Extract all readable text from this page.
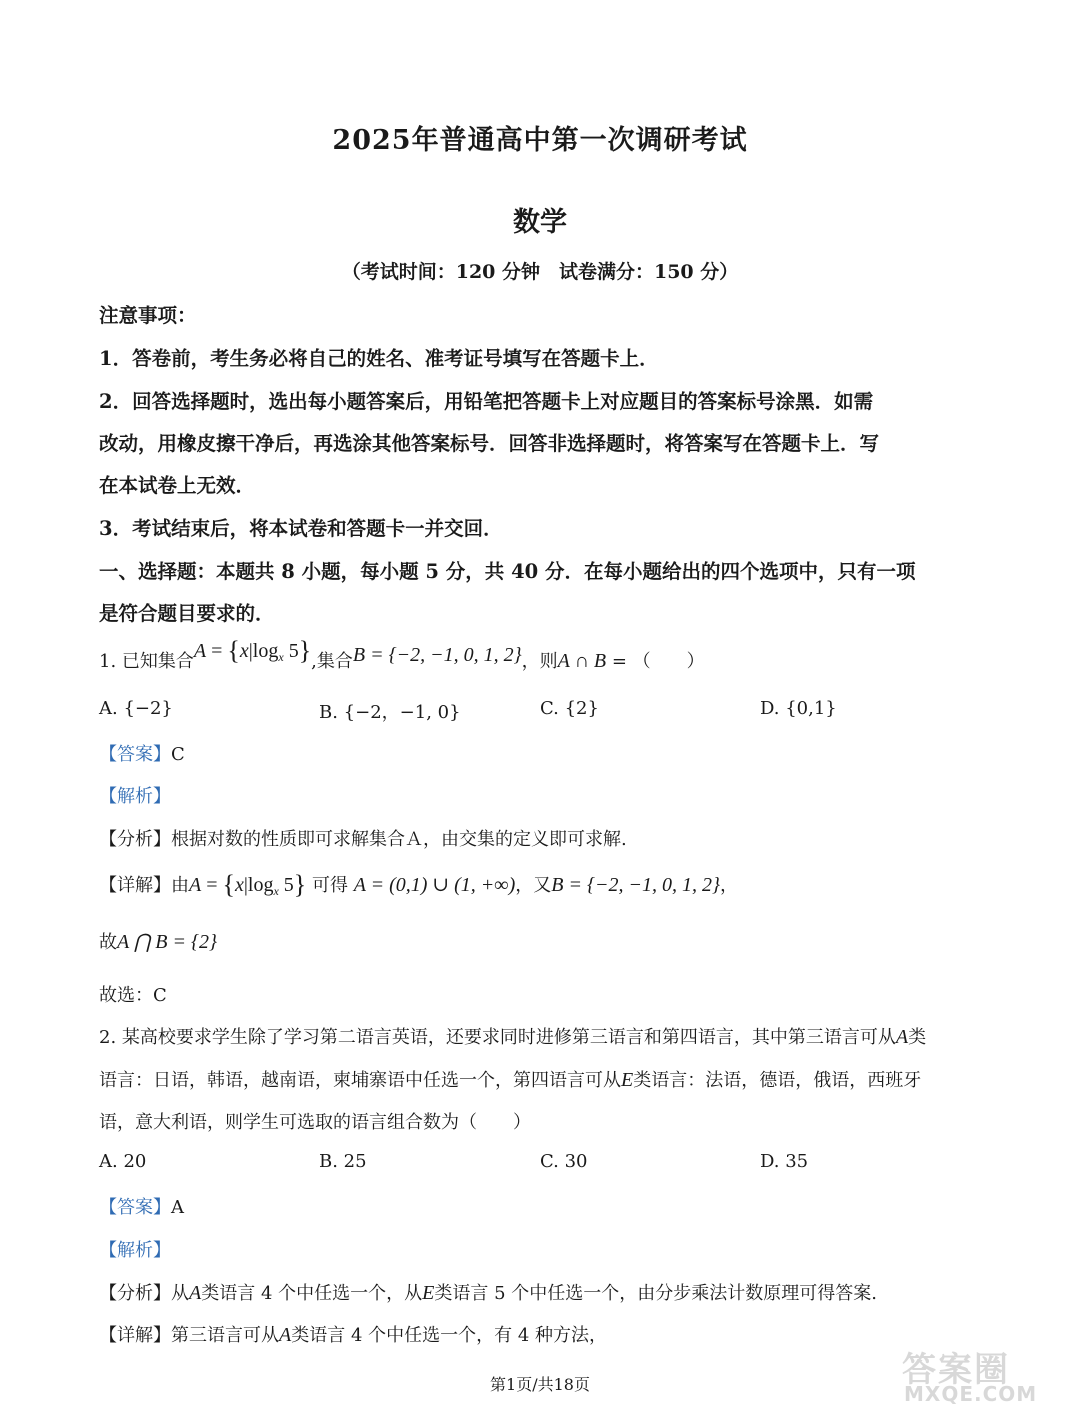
2025年普通高中第一次调研考试
数学
（考试时间：120 分钟　试卷满分：150 分）
注意事项：
1．答卷前，考生务必将自己的姓名、准考证号填写在答题卡上．
2．回答选择题时，选出每小题答案后，用铅笔把答题卡上对应题目的答案标号涂黑．如需
改动，用橡皮擦干净后，再选涂其他答案标号．回答非选择题时，将答案写在答题卡上．写
在本试卷上无效．
3．考试结束后，将本试卷和答题卡一并交回．
一、选择题：本题共 8 小题，每小题 5 分，共 40 分．在每小题给出的四个选项中，只有一项
是符合题目要求的．
1. 已知集合$A = \{x|\log_x$ 5},集合B = {−2, −1, 0, 1, 2}，则A ∩ B = （　　）
A. {−2}	B. {−2，−1, 0}	C. {2}	D. {0,1}
【答案】C
【解析】
【分析】根据对数的性质即可求解集合Ａ，由交集的定义即可求解.
【详解】由$A = \{x|\log_x$ 5} 可得 A = (0,1) ∪ (1, +∞)，又B = {−2, −1, 0, 1, 2}，
故A ⋂ B = {2}
故选：C
2. 某高校要求学生除了学习第二语言英语，还要求同时进修第三语言和第四语言，其中第三语言可从A类
语言：日语，韩语，越南语，柬埔寨语中任选一个，第四语言可从E类语言：法语，德语，俄语，西班牙
语，意大利语，则学生可选取的语言组合数为（　　）
A. 20	B. 25	C. 30	D. 35
【答案】A
【解析】
【分析】从A类语言 4 个中任选一个，从E类语言 5 个中任选一个，由分步乘法计数原理可得答案.
【详解】第三语言可从A类语言 4 个中任选一个，有 4 种方法，
第1页/共18页	答案圈
MXQE.COM
